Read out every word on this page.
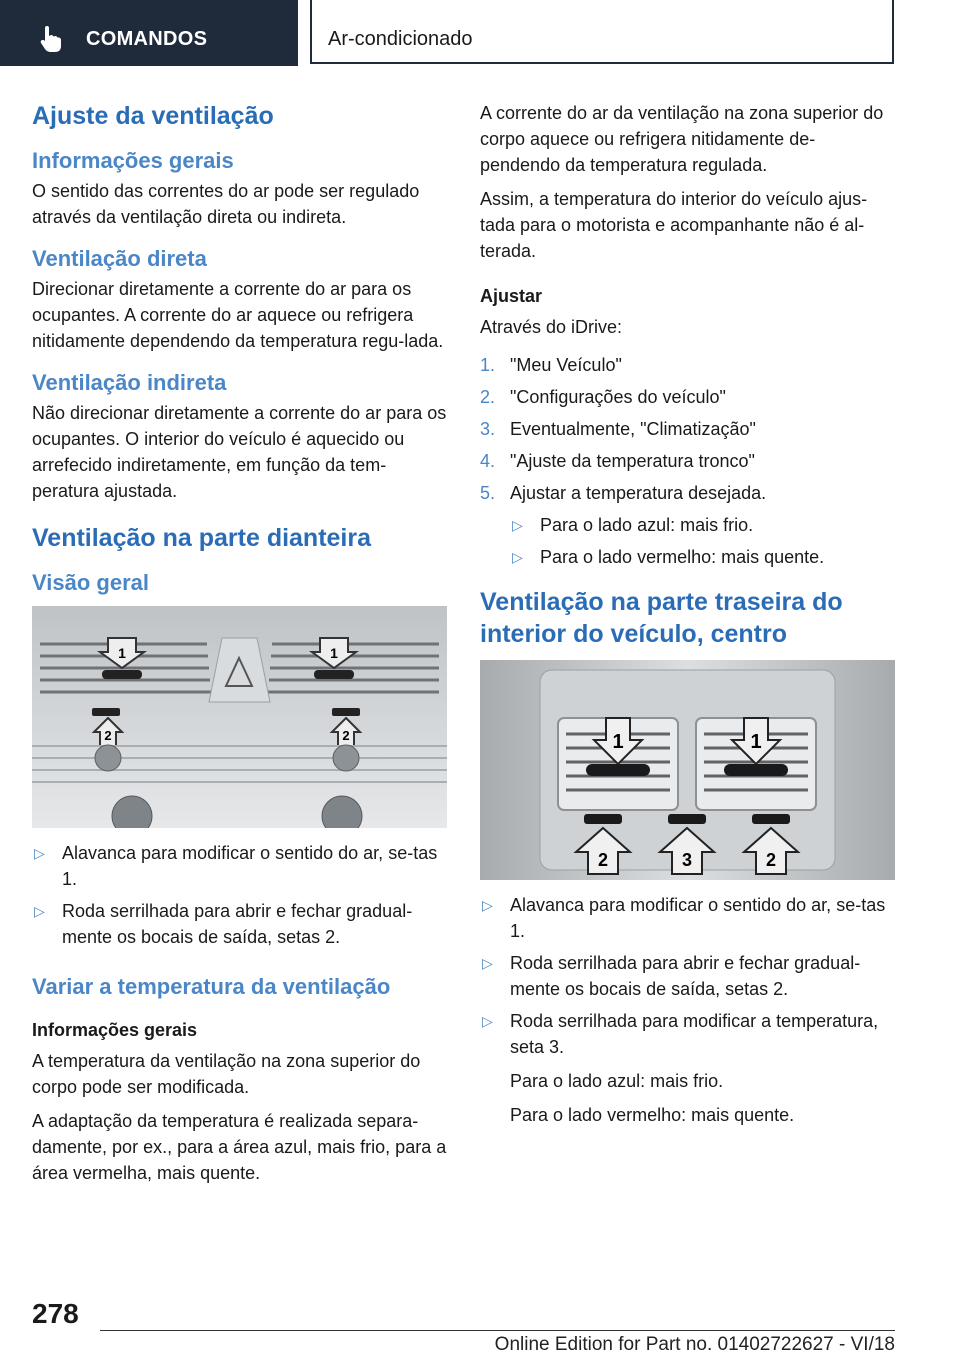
COMANDOS	Ar-condicionado
Ajuste da ventilação
Informações gerais

O sentido das correntes do ar pode ser regulado através da ventilação direta ou indireta.

Ventilação direta

Direcionar diretamente a corrente do ar para os ocupantes. A corrente do ar aquece ou refrigera nitidamente dependendo da temperatura regu-lada.

Ventilação indireta

Não direcionar diretamente a corrente do ar para os ocupantes. O interior do veículo é aquecido ou arrefecido indiretamente, em função da tem-peratura ajustada.

Ventilação na parte dianteira
Visão geral
1	1
2	2
▷ Alavanca para modificar o sentido do ar, se-tas 1.
▷ Roda serrilhada para abrir e fechar gradual-mente os bocais de saída, setas 2.
Variar a temperatura da ventilação
Informações gerais

A temperatura da ventilação na zona superior do corpo pode ser modificada.

A adaptação da temperatura é realizada separa-damente, por ex., para a área azul, mais frio, para a área vermelha, mais quente.

A corrente do ar da ventilação na zona superior do corpo aquece ou refrigera nitidamente de-pendendo da temperatura regulada.

Assim, a temperatura do interior do veículo ajus-tada para o motorista e acompanhante não é al-terada.

Ajustar

Através do iDrive:

1. "Meu Veículo"
2. "Configurações do veículo"
3. Eventualmente, "Climatização"
4. "Ajuste da temperatura tronco"
5. Ajustar a temperatura desejada.
▷ Para o lado azul: mais frio.
▷ Para o lado vermelho: mais quente.
Ventilação na parte traseira do interior do veículo, centro
1	1
2	3	2
▷ Alavanca para modificar o sentido do ar, se-tas 1.
▷ Roda serrilhada para abrir e fechar gradual-mente os bocais de saída, setas 2.
▷ Roda serrilhada para modificar a temperatura, seta 3.

Para o lado azul: mais frio.

Para o lado vermelho: mais quente.

278
Online Edition for Part no. 01402722627 - VI/18
